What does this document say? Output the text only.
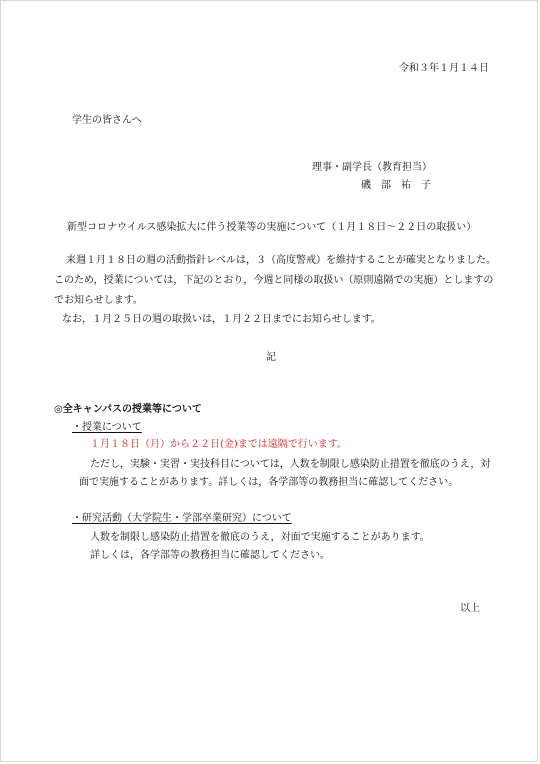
令和３年１月１４日
学生の皆さんへ
理事・副学長（教育担当）
磯　部　祐　子
新型コロナウイルス感染拡大に伴う授業等の実施について（１月１８日～２２日の取扱い）
来週１月１８日の週の活動指針レベルは，３（高度警戒）を維持することが確実となりました。
このため，授業については，下記のとおり，今週と同様の取扱い（原則遠隔での実施）としますの
でお知らせします。
なお，１月２５日の週の取扱いは，１月２２日までにお知らせします。
記
◎全キャンパスの授業等について
・授業について
１月１８日（月）から２２日(金)までは遠隔で行います。
ただし，実験・実習・実技科目については，人数を制限し感染防止措置を徹底のうえ，対
面で実施することがあります。詳しくは，各学部等の教務担当に確認してください。
・研究活動（大学院生・学部卒業研究）について
人数を制限し感染防止措置を徹底のうえ，対面で実施することがあります。
詳しくは，各学部等の教務担当に確認してください。
以上
